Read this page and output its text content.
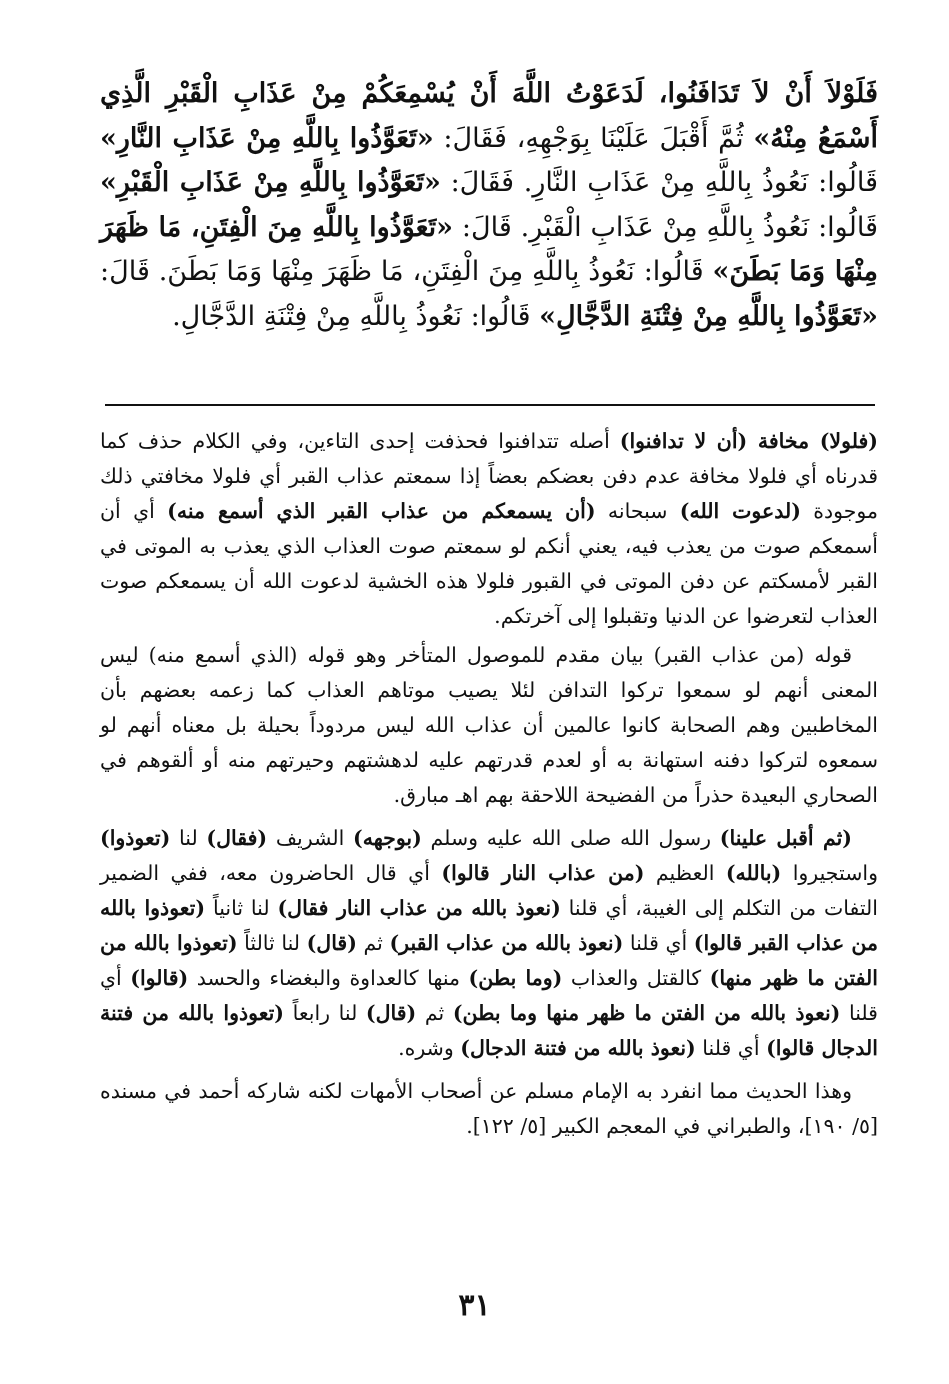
فَلَوْلاَ أَنْ لاَ تَدَافَنُوا، لَدَعَوْتُ اللَّهَ أَنْ يُسْمِعَكُمْ مِنْ عَذَابِ الْقَبْرِ الَّذِي أَسْمَعُ مِنْهُ» ثُمَّ أَقْبَلَ عَلَيْنَا بِوَجْهِهِ، فَقَالَ: «تَعَوَّذُوا بِاللَّهِ مِنْ عَذَابِ النَّارِ» قَالُوا: نَعُوذُ بِاللَّهِ مِنْ عَذَابِ النَّارِ. فَقَالَ: «تَعَوَّذُوا بِاللَّهِ مِنْ عَذَابِ الْقَبْرِ» قَالُوا: نَعُوذُ بِاللَّهِ مِنْ عَذَابِ الْقَبْرِ. قَالَ: «تَعَوَّذُوا بِاللَّهِ مِنَ الْفِتَنِ، مَا ظَهَرَ مِنْهَا وَمَا بَطَنَ» قَالُوا: نَعُوذُ بِاللَّهِ مِنَ الْفِتَنِ، مَا ظَهَرَ مِنْهَا وَمَا بَطَنَ. قَالَ: «تَعَوَّذُوا بِاللَّهِ مِنْ فِتْنَةِ الدَّجَّالِ» قَالُوا: نَعُوذُ بِاللَّهِ مِنْ فِتْنَةِ الدَّجَّالِ.

(فلولا) مخافة (أن لا تدافنوا) أصله تتدافنوا فحذفت إحدى التاءين، وفي الكلام حذف كما قدرناه أي فلولا مخافة عدم دفن بعضكم بعضاً إذا سمعتم عذاب القبر أي فلولا مخافتي ذلك موجودة (لدعوت الله) سبحانه (أن يسمعكم من عذاب القبر الذي أسمع منه) أي أن أسمعكم صوت من يعذب فيه، يعني أنكم لو سمعتم صوت العذاب الذي يعذب به الموتى في القبر لأمسكتم عن دفن الموتى في القبور فلولا هذه الخشية لدعوت الله أن يسمعكم صوت العذاب لتعرضوا عن الدنيا وتقبلوا إلى آخرتكم.

قوله (من عذاب القبر) بيان مقدم للموصول المتأخر وهو قوله (الذي أسمع منه) ليس المعنى أنهم لو سمعوا تركوا التدافن لئلا يصيب موتاهم العذاب كما زعمه بعضهم بأن المخاطبين وهم الصحابة كانوا عالمين أن عذاب الله ليس مردوداً بحيلة بل معناه أنهم لو سمعوه لتركوا دفنه استهانة به أو لعدم قدرتهم عليه لدهشتهم وحيرتهم منه أو ألقوهم في الصحاري البعيدة حذراً من الفضيحة اللاحقة بهم اهـ مبارق.

(ثم أقبل علينا) رسول الله صلى الله عليه وسلم (بوجهه) الشريف (فقال) لنا (تعوذوا) واستجيروا (بالله) العظيم (من عذاب النار قالوا) أي قال الحاضرون معه، ففي الضمير التفات من التكلم إلى الغيبة، أي قلنا (نعوذ بالله من عذاب النار فقال) لنا ثانياً (تعوذوا بالله من عذاب القبر قالوا) أي قلنا (نعوذ بالله من عذاب القبر) ثم (قال) لنا ثالثاً (تعوذوا بالله من الفتن ما ظهر منها) كالقتل والعذاب (وما بطن) منها كالعداوة والبغضاء والحسد (قالوا) أي قلنا (نعوذ بالله من الفتن ما ظهر منها وما بطن) ثم (قال) لنا رابعاً (تعوذوا بالله من فتنة الدجال قالوا) أي قلنا (نعوذ بالله من فتنة الدجال) وشره.

وهذا الحديث مما انفرد به الإمام مسلم عن أصحاب الأمهات لكنه شاركه أحمد في مسنده [٥/ ١٩٠]، والطبراني في المعجم الكبير [٥/ ١٢٢].

٣١
